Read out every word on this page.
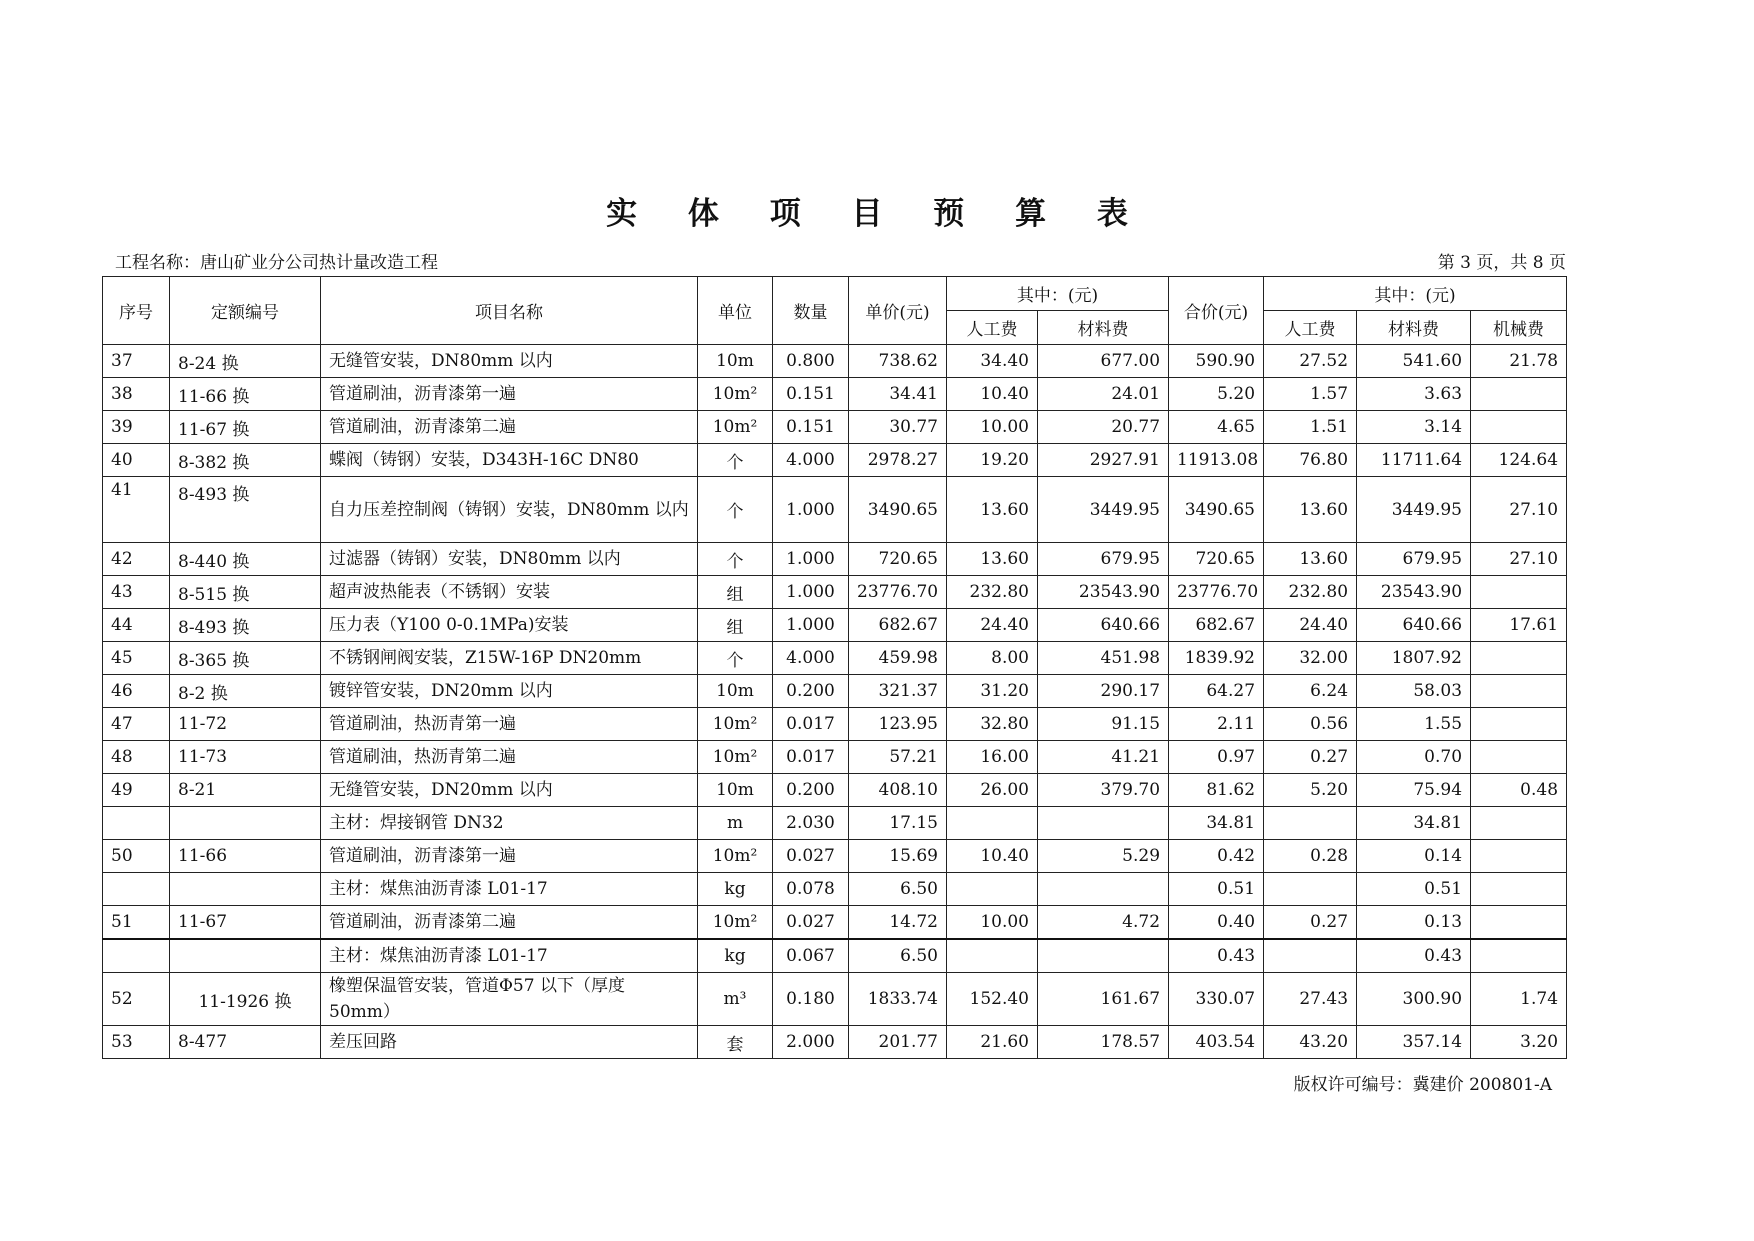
实 体 项 目 预 算 表
工程名称：唐山矿业分公司热计量改造工程	第 3 页，共 8 页
序号	定额编号	项目名称	单位	数量	单价(元)	其中：(元)		合价(元)	其中：(元)		
						人工费	材料费		人工费	材料费	机械费
37	8-24 换	无缝管安装，DN80mm 以内	10m	0.800	738.62	34.40	677.00	590.90	27.52	541.60	21.78
38	11-66 换	管道刷油，沥青漆第一遍	10m²	0.151	34.41	10.40	24.01	5.20	1.57	3.63	
39	11-67 换	管道刷油，沥青漆第二遍	10m²	0.151	30.77	10.00	20.77	4.65	1.51	3.14	
40	8-382 换	蝶阀（铸钢）安装，D343H-16C DN80	个	4.000	2978.27	19.20	2927.91	11913.08	76.80	11711.64	124.64
41	8-493 换	自力压差控制阀（铸钢）安装，DN80mm 以内	个	1.000	3490.65	13.60	3449.95	3490.65	13.60	3449.95	27.10
42	8-440 换	过滤器（铸钢）安装，DN80mm 以内	个	1.000	720.65	13.60	679.95	720.65	13.60	679.95	27.10
43	8-515 换	超声波热能表（不锈钢）安装	组	1.000	23776.70	232.80	23543.90	23776.70	232.80	23543.90	
44	8-493 换	压力表（Y100 0-0.1MPa)安装	组	1.000	682.67	24.40	640.66	682.67	24.40	640.66	17.61
45	8-365 换	不锈钢闸阀安装，Z15W-16P DN20mm	个	4.000	459.98	8.00	451.98	1839.92	32.00	1807.92	
46	8-2 换	镀锌管安装，DN20mm 以内	10m	0.200	321.37	31.20	290.17	64.27	6.24	58.03	
47	11-72	管道刷油，热沥青第一遍	10m²	0.017	123.95	32.80	91.15	2.11	0.56	1.55	
48	11-73	管道刷油，热沥青第二遍	10m²	0.017	57.21	16.00	41.21	0.97	0.27	0.70	
49	8-21	无缝管安装，DN20mm 以内	10m	0.200	408.10	26.00	379.70	81.62	5.20	75.94	0.48
		主材：焊接钢管 DN32	m	2.030	17.15			34.81		34.81	
50	11-66	管道刷油，沥青漆第一遍	10m²	0.027	15.69	10.40	5.29	0.42	0.28	0.14	
		主材：煤焦油沥青漆 L01-17	kg	0.078	6.50			0.51		0.51	
51	11-67	管道刷油，沥青漆第二遍	10m²	0.027	14.72	10.00	4.72	0.40	0.27	0.13	
		主材：煤焦油沥青漆 L01-17	kg	0.067	6.50			0.43		0.43	
52	11-1926 换	橡塑保温管安装，管道Φ57 以下（厚度 50mm）	m³	0.180	1833.74	152.40	161.67	330.07	27.43	300.90	1.74
53	8-477	差压回路	套	2.000	201.77	21.60	178.57	403.54	43.20	357.14	3.20
版权许可编号：冀建价 200801-A
